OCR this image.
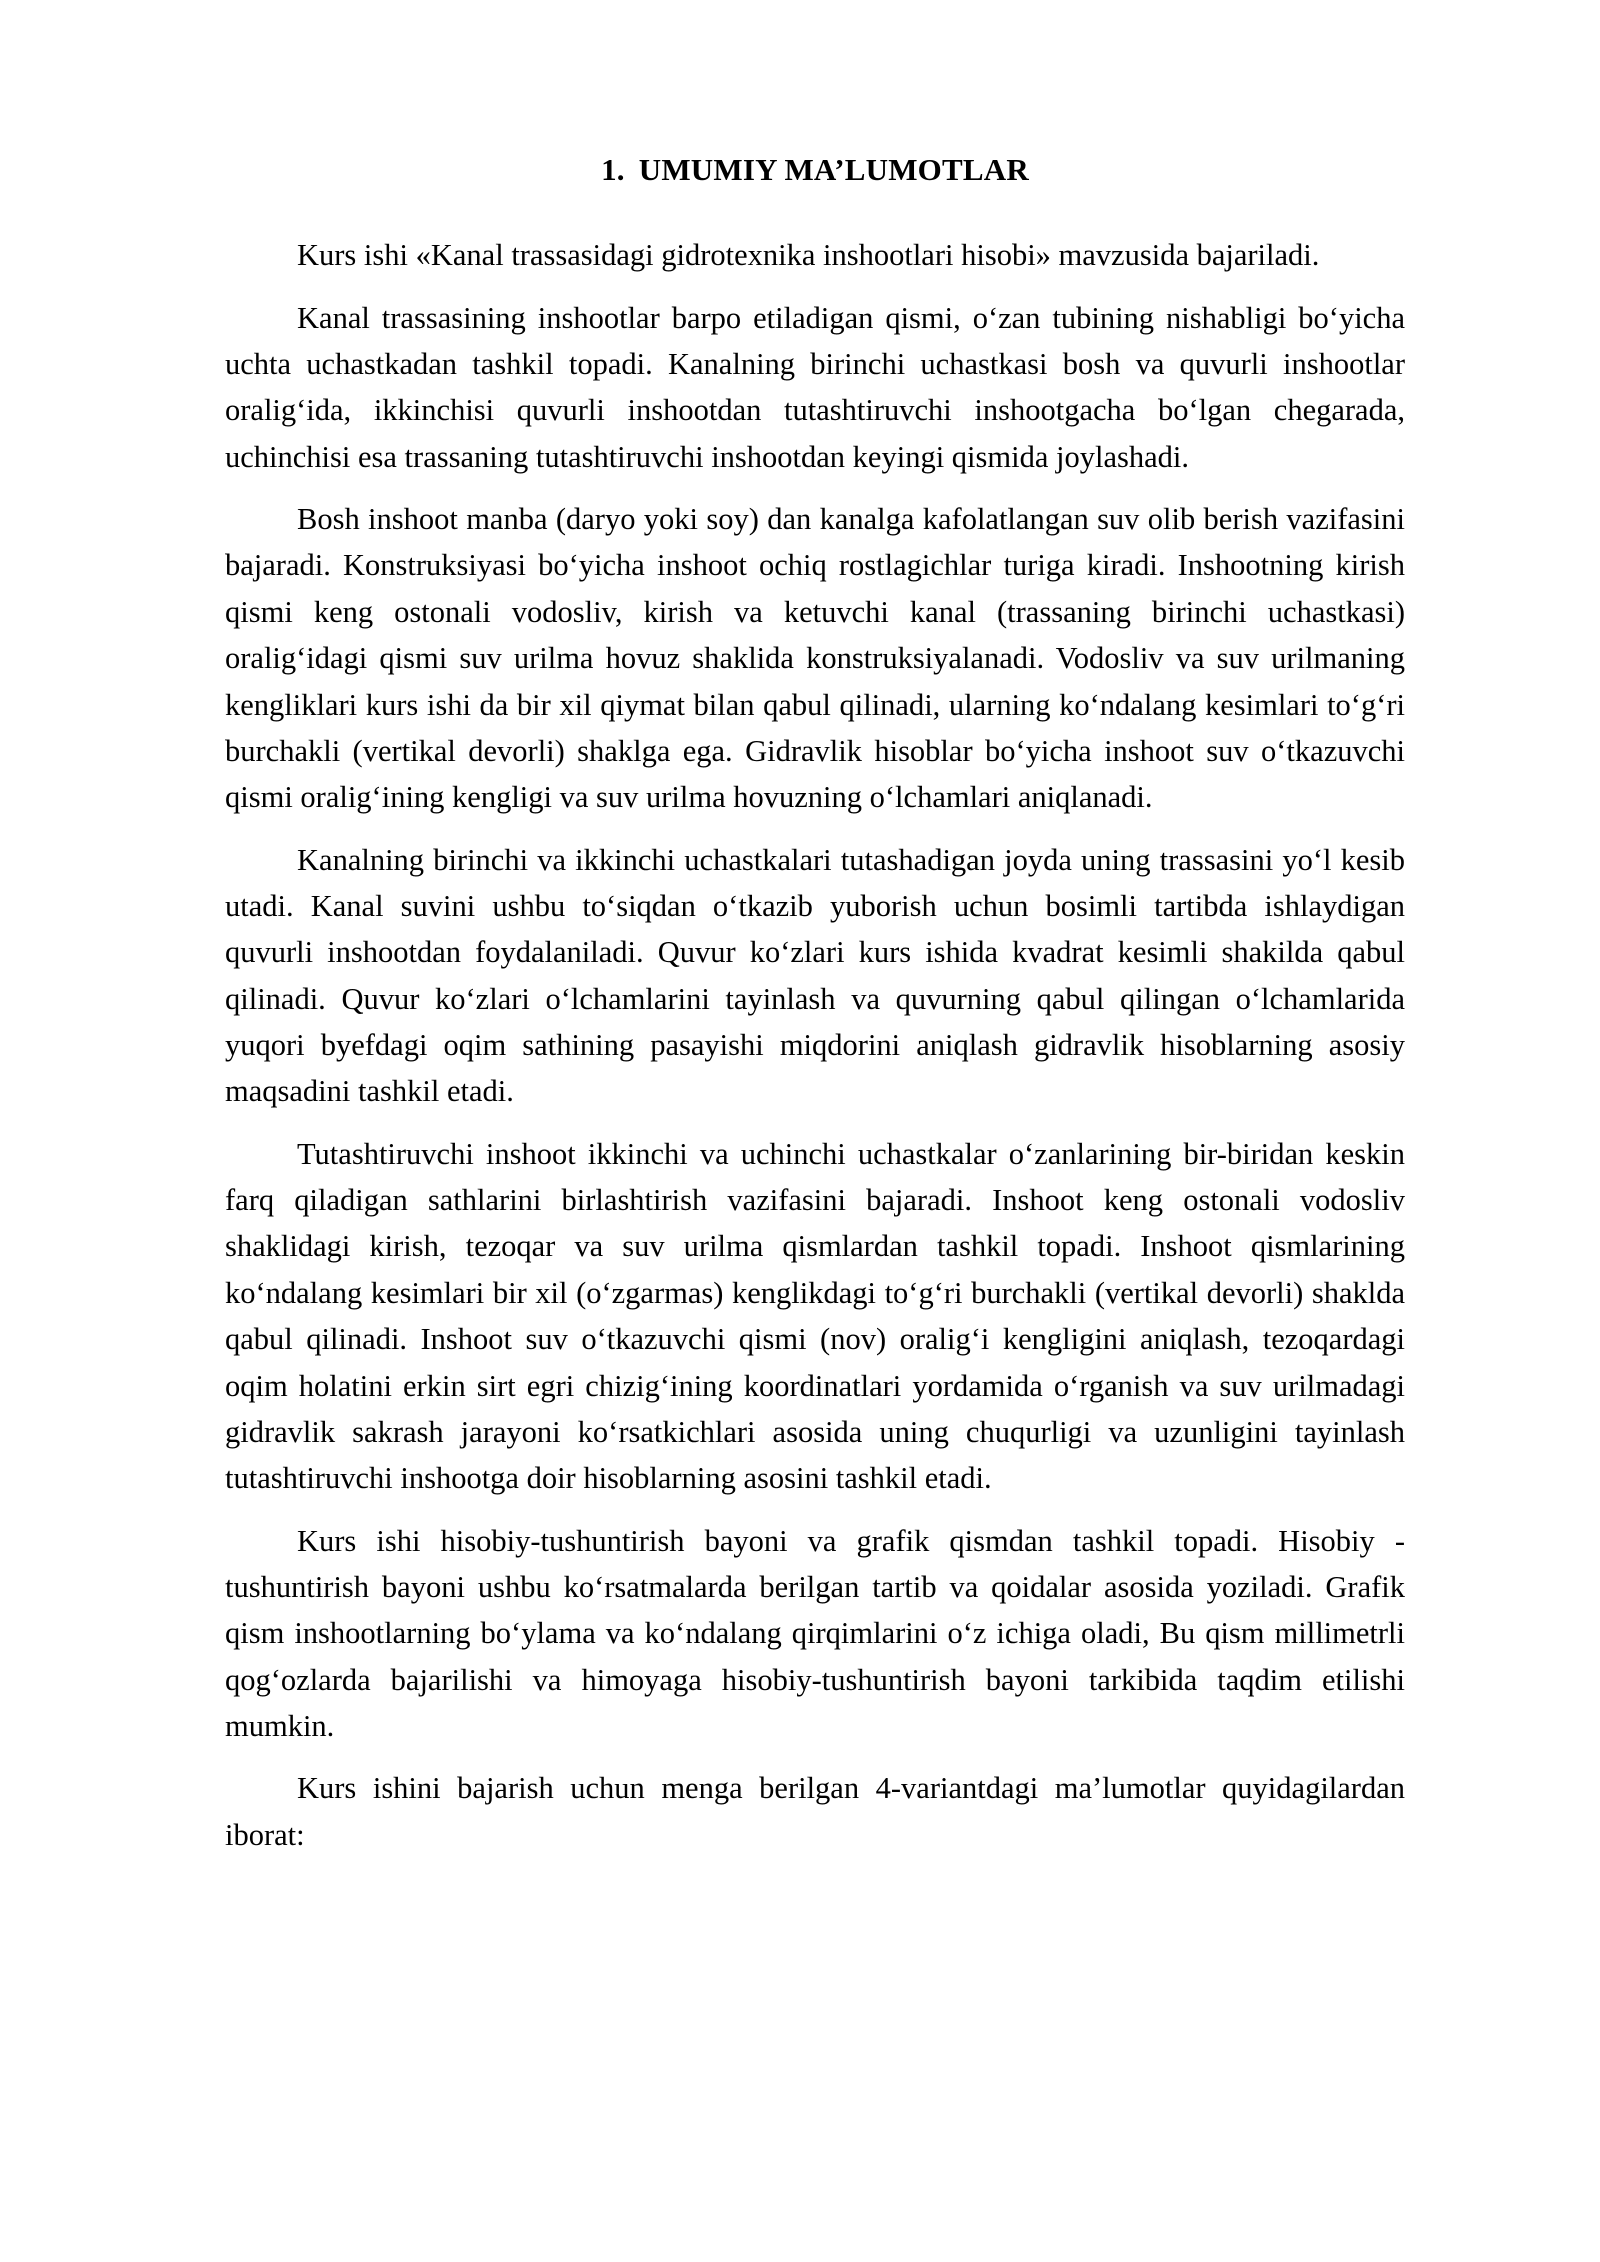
1. UMUMIY MA’LUMOTLAR

Kurs ishi «Kanal trassasidagi gidrotexnika inshootlari hisobi» mavzusida bajariladi.

Kanal trassasining inshootlar barpo etiladigan qismi, o‘zan tubining nishabligi bo‘yicha uchta uchastkadan tashkil topadi. Kanalning birinchi uchastkasi bosh va quvurli inshootlar oralig‘ida, ikkinchisi quvurli inshootdan tutashtiruvchi inshootgacha bo‘lgan chegarada, uchinchisi esa trassaning tutashtiruvchi inshootdan keyingi qismida joylashadi.

Bosh inshoot manba (daryo yoki soy) dan kanalga kafolatlangan suv olib berish vazifasini bajaradi. Konstruksiyasi bo‘yicha inshoot ochiq rostlagichlar turiga kiradi. Inshootning kirish qismi keng ostonali vodosliv, kirish va ketuvchi kanal (trassaning birinchi uchastkasi) oralig‘idagi qismi suv urilma hovuz shaklida konstruksiyalanadi. Vodosliv va suv urilmaning kengliklari kurs ishi da bir xil qiymat bilan qabul qilinadi, ularning ko‘ndalang kesimlari to‘g‘ri burchakli (vertikal devorli) shaklga ega. Gidravlik hisoblar bo‘yicha inshoot suv o‘tkazuvchi qismi oralig‘ining kengligi va suv urilma hovuzning o‘lchamlari aniqlanadi.

Kanalning birinchi va ikkinchi uchastkalari tutashadigan joyda uning trassasini yo‘l kesib utadi. Kanal suvini ushbu to‘siqdan o‘tkazib yuborish uchun bosimli tartibda ishlaydigan quvurli inshootdan foydalaniladi. Quvur ko‘zlari kurs ishida kvadrat kesimli shakilda qabul qilinadi. Quvur ko‘zlari o‘lchamlarini tayinlash va quvurning qabul qilingan o‘lchamlarida yuqori byefdagi oqim sathining pasayishi miqdorini aniqlash gidravlik hisoblarning asosiy maqsadini tashkil etadi.

Tutashtiruvchi inshoot ikkinchi va uchinchi uchastkalar o‘zanlarining bir-biridan keskin farq qiladigan sathlarini birlashtirish vazifasini bajaradi. Inshoot keng ostonali vodosliv shaklidagi kirish, tezoqar va suv urilma qismlardan tashkil topadi. Inshoot qismlarining ko‘ndalang kesimlari bir xil (o‘zgarmas) kenglikdagi to‘g‘ri burchakli (vertikal devorli) shaklda qabul qilinadi. Inshoot suv o‘tkazuvchi qismi (nov) oralig‘i kengligini aniqlash, tezoqardagi oqim holatini erkin sirt egri chizig‘ining koordinatlari yordamida o‘rganish va suv urilmadagi gidravlik sakrash jarayoni ko‘rsatkichlari asosida uning chuqurligi va uzunligini tayinlash tutashtiruvchi inshootga doir hisoblarning asosini tashkil etadi.

Kurs ishi hisobiy-tushuntirish bayoni va grafik qismdan tashkil topadi. Hisobiy - tushuntirish bayoni ushbu ko‘rsatmalarda berilgan tartib va qoidalar asosida yoziladi. Grafik qism inshootlarning bo‘ylama va ko‘ndalang qirqimlarini o‘z ichiga oladi, Bu qism millimetrli qog‘ozlarda bajarilishi va himoyaga hisobiy-tushuntirish bayoni tarkibida taqdim etilishi mumkin.

Kurs ishini bajarish uchun menga berilgan 4-variantdagi ma’lumotlar quyidagilardan iborat:
